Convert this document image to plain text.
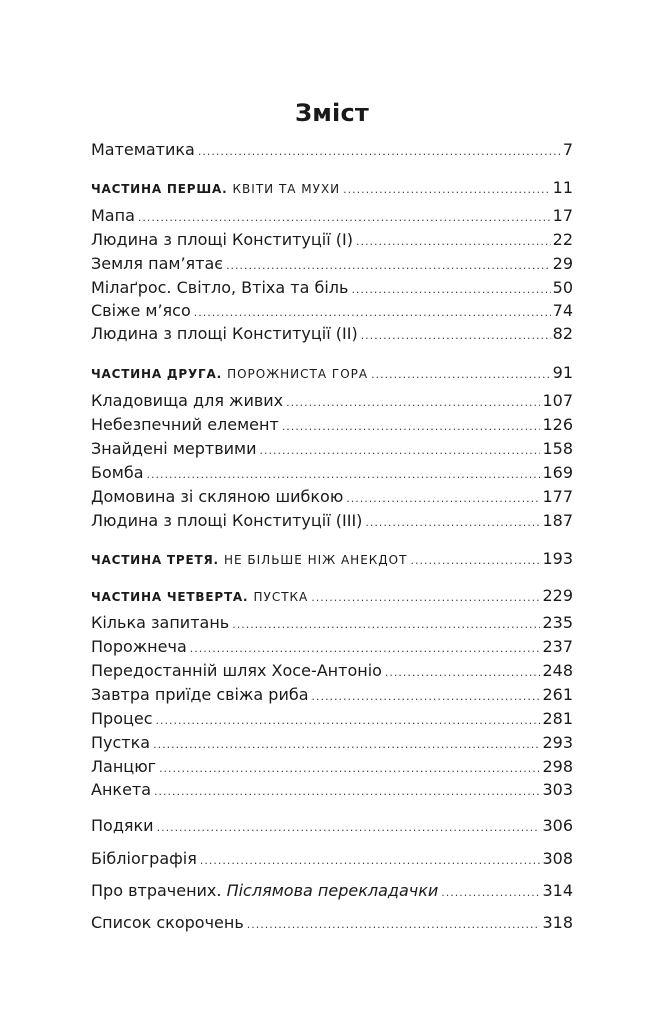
Зміст
Математика .....	7
ЧАСТИНА ПЕРША. КВІТИ ТА МУХИ .....	11
Мапа .....	17
Людина з площі Конституції (I) .....	22
Земля пам’ятає .....	29
Мілаґрос. Світло, Втіха та біль .....	50
Свіже м’ясо .....	74
Людина з площі Конституції (II) .....	82
ЧАСТИНА ДРУГА. ПОРОЖНИСТА ГОРА .....	91
Кладовища для живих .....	107
Небезпечний елемент .....	126
Знайдені мертвими .....	158
Бомба .....	169
Домовина зі скляною шибкою .....	177
Людина з площі Конституції (III) .....	187
ЧАСТИНА ТРЕТЯ. НЕ БІЛЬШЕ НІЖ АНЕКДОТ .....	193
ЧАСТИНА ЧЕТВЕРТА. ПУСТКА .....	229
Кілька запитань .....	235
Порожнеча .....	237
Передостанній шлях Хосе-Антоніо .....	248
Завтра приїде свіжа риба .....	261
Процес .....	281
Пустка .....	293
Ланцюг .....	298
Анкета .....	303
Подяки .....	306
Бібліографія .....	308
Про втрачених. Післямова перекладачки .....	314
Список скорочень .....	318
